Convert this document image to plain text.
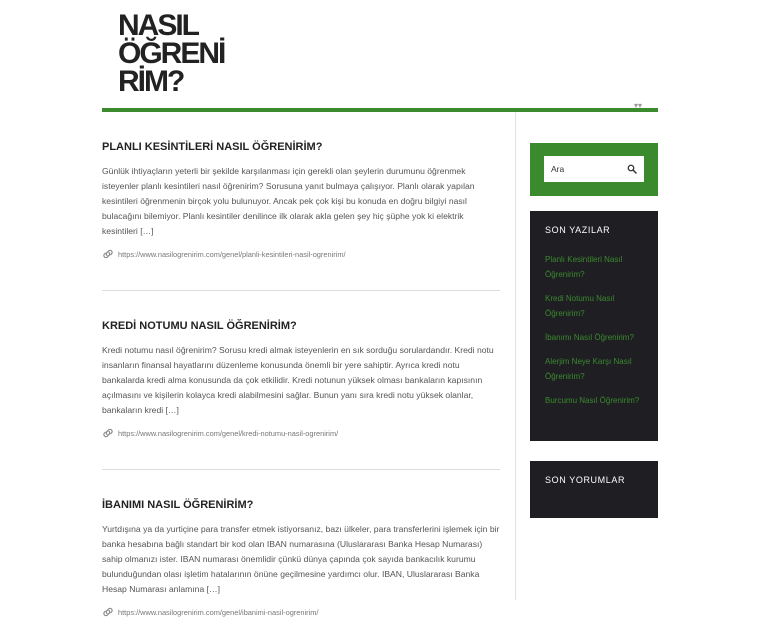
NASIL
ÖĞRENİ
RİM?
▾▾
PLANLI KESİNTİLERİ NASIL ÖĞRENİRİM?
Günlük ihtiyaçların yeterli bir şekilde karşılanması için gerekli olan şeylerin durumunu öğrenmek isteyenler planlı kesintileri nasıl öğrenirim? Sorusuna yanıt bulmaya çalışıyor. Planlı olarak yapılan kesintileri öğrenmenin birçok yolu bulunuyor. Ancak pek çok kişi bu konuda en doğru bilgiyi nasıl bulacağını bilemiyor. Planlı kesintiler denilince ilk olarak akla gelen şey hiç şüphe yok ki elektrik kesintileri […]
https://www.nasilogrenirim.com/genel/planli-kesintileri-nasil-ogrenirim/
KREDİ NOTUMU NASIL ÖĞRENİRİM?
Kredi notumu nasıl öğrenirim? Sorusu kredi almak isteyenlerin en sık sorduğu sorulardandır. Kredi notu insanların finansal hayatlarını düzenleme konusunda önemli bir yere sahiptir. Ayrıca kredi notu bankalarda kredi alma konusunda da çok etkilidir. Kredi notunun yüksek olması bankaların kapısının açılmasını ve kişilerin kolayca kredi alabilmesini sağlar. Bunun yanı sıra kredi notu yüksek olanlar, bankaların kredi […]
https://www.nasilogrenirim.com/genel/kredi-notumu-nasil-ogrenirim/
İBANIMI NASIL ÖĞRENİRİM?
Yurtdışına ya da yurtiçine para transfer etmek istiyorsanız, bazı ülkeler, para transferlerini işlemek için bir banka hesabına bağlı standart bir kod olan IBAN numarasına (Uluslararası Banka Hesap Numarası) sahip olmanızı ister. IBAN numarası önemlidir çünkü dünya çapında çok sayıda bankacılık kurumu bulunduğundan olası işletim hatalarının önüne geçilmesine yardımcı olur. IBAN, Uluslararası Banka Hesap Numarası anlamına […]
https://www.nasilogrenirim.com/genel/ibanimi-nasil-ogrenirim/
Ara
SON YAZILAR
Planlı Kesintileri Nasıl Öğrenirim?
Kredi Notumu Nasıl Öğrenirim?
İbanımı Nasıl Öğrenirim?
Alerjim Neye Karşı Nasıl Öğrenirim?
Burcumu Nasıl Öğrenirim?
SON YORUMLAR
